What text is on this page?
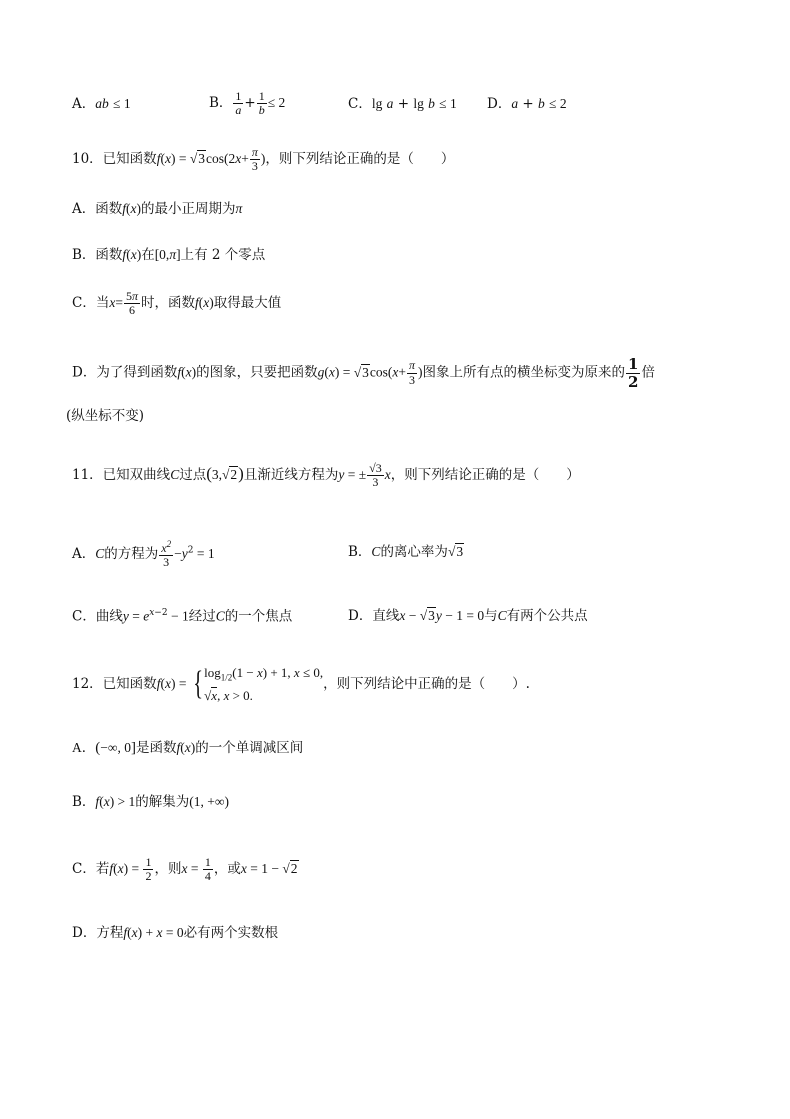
A．ab ≤ 1	B． $\frac{1}{a} + \frac{1}{b} \le 2$	C．lg a + lg b ≤ 1 D．a + b ≤ 2
10．已知函数$f(x) = √3\cos(2x+ \frac{\pi}{3}$ )，则下列结论正确的是（　　）
A．函数f(x)的最小正周期为π
B．函数f(x)在[0,π]上有 2 个零点
C．当$x= \frac{5\pi}{6}$ 时，函数f(x)取得最大值
D．为了得到函数f(x)的图象，只要把函数$g(x) = √3\cos(x+ \frac{\pi}{3}$ )图象上所有点的横坐标变为原来的 $\frac{1}{2}$ 倍
(纵坐标不变)
11．已知双曲线C过点(3,√2)且渐近线方程为y = ± $\frac{√3}{3}$ x，则下列结论正确的是（　　）
A．C的方程为 $\frac{x^2}{3} -y^2 = 1$	B．C的离心率为√3
C．曲线$y = e^{x-2} - 1$经过C的一个焦点	D．直线x − √3y − 1 = 0与C有两个公共点
12．已知函数f(x) = { $\log_{1/2}(1 - x) + 1$, x ≤ 0,
√x, x > 0.
，则下列结论中正确的是（　　）.
A．(−∞, 0]是函数f(x)的一个单调减区间
B．f(x) > 1的解集为(1, +∞)
C．若$f(x) = \frac{1}{2}$ ，则$x = \frac{1}{4}$ ，或x = 1 − √2
D．方程f(x) + x = 0必有两个实数根
